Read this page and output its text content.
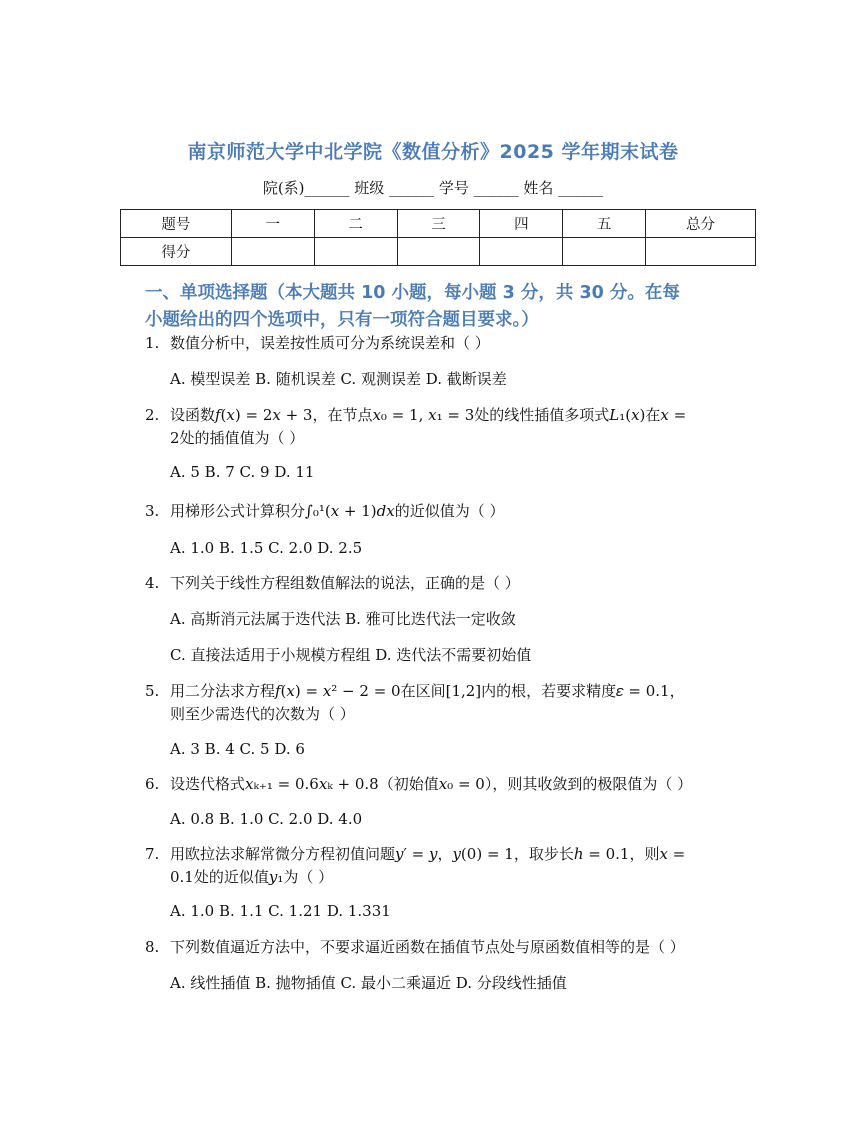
南京师范大学中北学院《数值分析》2025 学年期末试卷
院(系)______ 班级 ______ 学号 ______ 姓名 ______
题号	一	二	三	四	五	总分
得分						
一、单项选择题（本大题共 10 小题，每小题 3 分，共 30 分。在每
小题给出的四个选项中，只有一项符合题目要求。）
1. 数值分析中，误差按性质可分为系统误差和（ ）
A. 模型误差 B. 随机误差 C. 观测误差 D. 截断误差
2. 设函数𝑓(𝑥) = 2𝑥 + 3，在节点𝑥₀ = 1, 𝑥₁ = 3处的线性插值多项式𝐿₁(𝑥)在𝑥 =
2处的插值值为（ ）
A. 5 B. 7 C. 9 D. 11
3. 用梯形公式计算积分∫₀¹(𝑥 + 1)𝑑𝑥的近似值为（ ）
A. 1.0 B. 1.5 C. 2.0 D. 2.5
4. 下列关于线性方程组数值解法的说法，正确的是（ ）
A. 高斯消元法属于迭代法 B. 雅可比迭代法一定收敛
C. 直接法适用于小规模方程组 D. 迭代法不需要初始值
5. 用二分法求方程𝑓(𝑥) = 𝑥² − 2 = 0在区间[1,2]内的根，若要求精度𝜀 = 0.1，
则至少需迭代的次数为（ ）
A. 3 B. 4 C. 5 D. 6
6. 设迭代格式𝑥ₖ₊₁ = 0.6𝑥ₖ + 0.8（初始值𝑥₀ = 0），则其收敛到的极限值为（ ）
A. 0.8 B. 1.0 C. 2.0 D. 4.0
7. 用欧拉法求解常微分方程初值问题𝑦′ = 𝑦，𝑦(0) = 1，取步长ℎ = 0.1，则𝑥 =
0.1处的近似值𝑦₁为（ ）
A. 1.0 B. 1.1 C. 1.21 D. 1.331
8. 下列数值逼近方法中，不要求逼近函数在插值节点处与原函数值相等的是（ ）
A. 线性插值 B. 抛物插值 C. 最小二乘逼近 D. 分段线性插值
